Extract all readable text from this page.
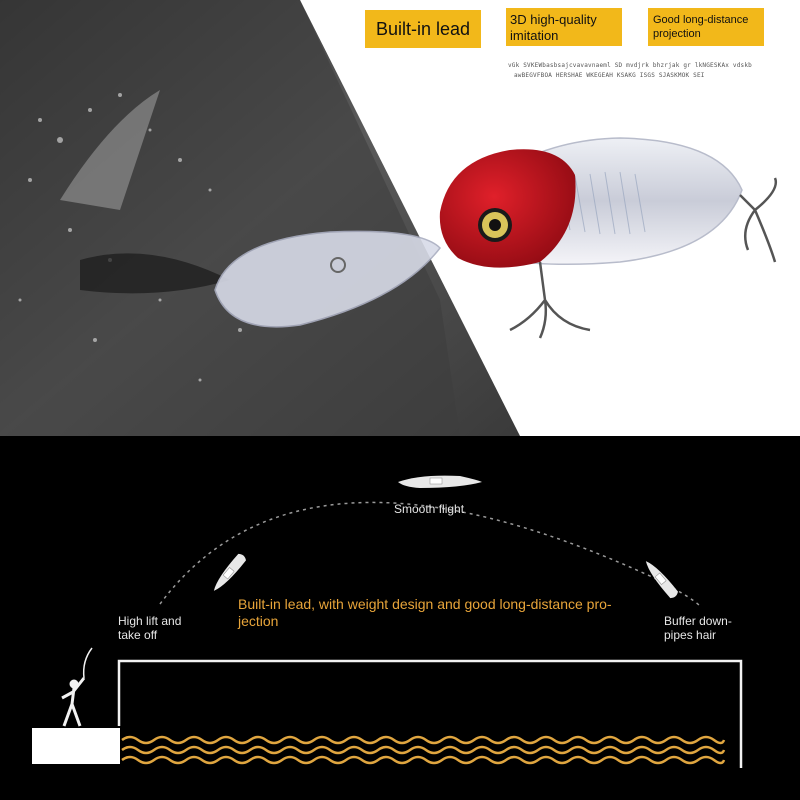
Built-in lead	3D high-quality imitation
Good long-distance projection
vGk SVKEWbasbsajcvavavnaeml SD mvdjrk bhzrjak gr lkNGESKAx vdskb
awBEGVFBOA HERSHAE WKEGEAH KSAKG ISGS SJASKMOK SEI
Smooth flight
High lift and take off
Built-in lead, with weight design and good long-distance pro-jection	Buffer down-pipes hair
